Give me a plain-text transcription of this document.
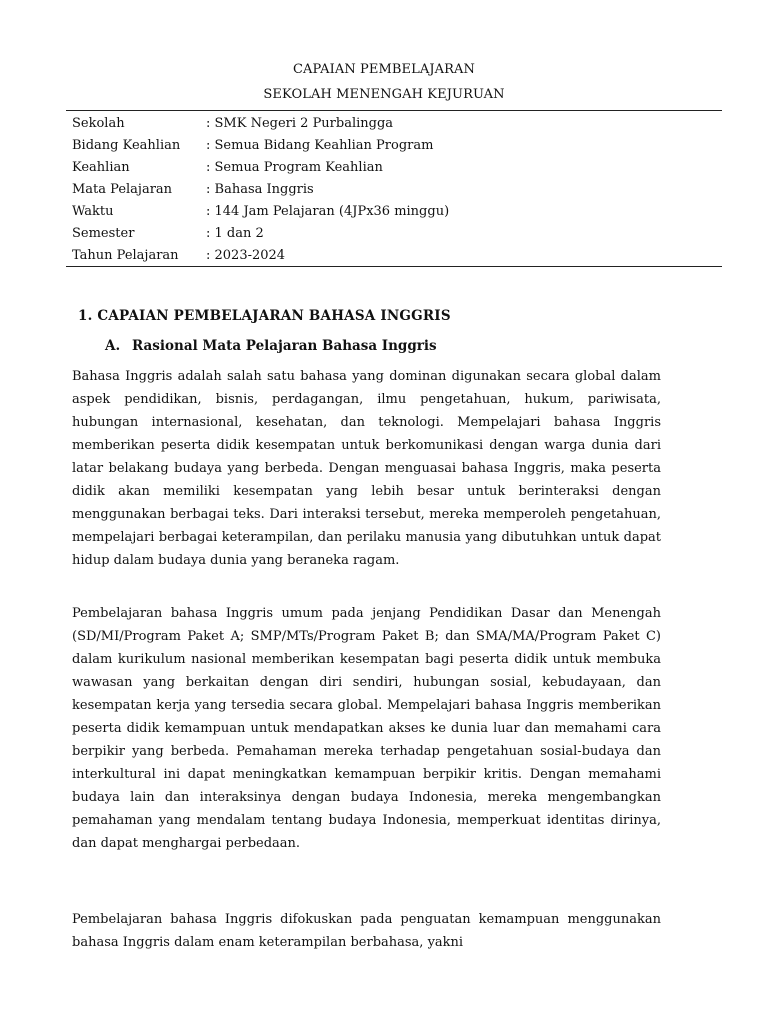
CAPAIAN PEMBELAJARAN
SEKOLAH MENENGAH KEJURUAN
Sekolah	: SMK Negeri 2 Purbalingga
Bidang Keahlian	: Semua Bidang Keahlian Program
Keahlian	: Semua Program Keahlian
Mata Pelajaran	: Bahasa Inggris
Waktu	: 144 Jam Pelajaran (4JPx36 minggu)
Semester	: 1 dan 2
Tahun Pelajaran	: 2023-2024
1. CAPAIAN PEMBELAJARAN BAHASA INGGRIS
A. Rasional Mata Pelajaran Bahasa Inggris

Bahasa Inggris adalah salah satu bahasa yang dominan digunakan secara global dalam aspek pendidikan, bisnis, perdagangan, ilmu pengetahuan, hukum, pariwisata, hubungan internasional, kesehatan, dan teknologi. Mempelajari bahasa Inggris memberikan peserta didik kesempatan untuk berkomunikasi dengan warga dunia dari latar belakang budaya yang berbeda. Dengan menguasai bahasa Inggris, maka peserta didik akan memiliki kesempatan yang lebih besar untuk berinteraksi dengan menggunakan berbagai teks. Dari interaksi tersebut, mereka memperoleh pengetahuan, mempelajari berbagai keterampilan, dan perilaku manusia yang dibutuhkan untuk dapat hidup dalam budaya dunia yang beraneka ragam.

Pembelajaran bahasa Inggris umum pada jenjang Pendidikan Dasar dan Menengah (SD/MI/Program Paket A; SMP/MTs/Program Paket B; dan SMA/MA/Program Paket C) dalam kurikulum nasional memberikan kesempatan bagi peserta didik untuk membuka wawasan yang berkaitan dengan diri sendiri, hubungan sosial, kebudayaan, dan kesempatan kerja yang tersedia secara global. Mempelajari bahasa Inggris memberikan peserta didik kemampuan untuk mendapatkan akses ke dunia luar dan memahami cara berpikir yang berbeda. Pemahaman mereka terhadap pengetahuan sosial-budaya dan interkultural ini dapat meningkatkan kemampuan berpikir kritis. Dengan memahami budaya lain dan interaksinya dengan budaya Indonesia, mereka mengembangkan pemahaman yang mendalam tentang budaya Indonesia, memperkuat identitas dirinya, dan dapat menghargai perbedaan.

Pembelajaran bahasa Inggris difokuskan pada penguatan kemampuan menggunakan bahasa Inggris dalam enam keterampilan berbahasa, yakni
